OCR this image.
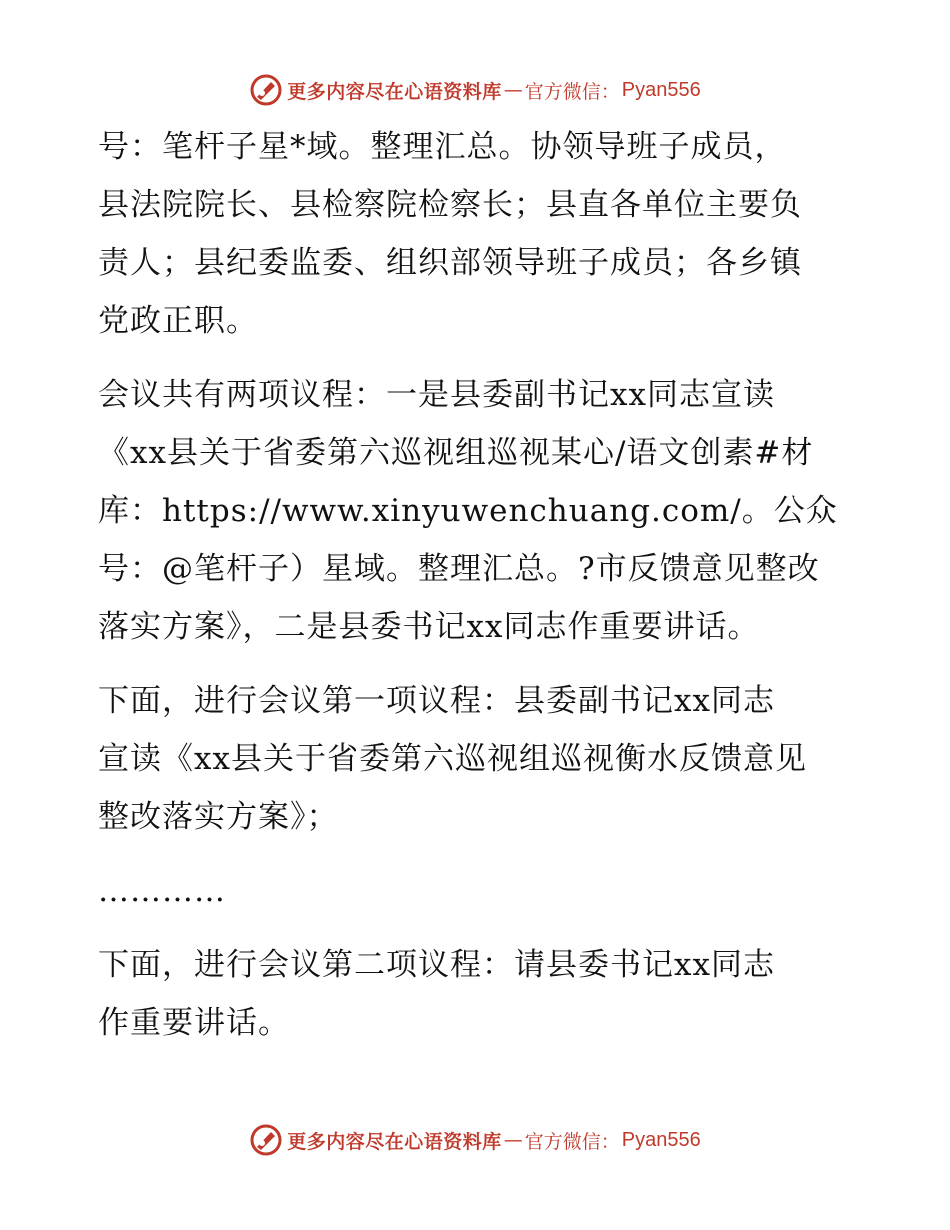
更多内容尽在心语资料库 — 官方微信： Pyan556

号：笔杆子星*域。整理汇总。协领导班子成员，
县法院院长、县检察院检察长；县直各单位主要负
责人；县纪委监委、组织部领导班子成员；各乡镇
党政正职。

会议共有两项议程：一是县委副书记xx同志宣读
《xx县关于省委第六巡视组巡视某心/语文创素#材
库：https://www.xinyuwenchuang.com/。公众
号：@笔杆子）星域。整理汇总。?市反馈意见整改
落实方案》，二是县委书记xx同志作重要讲话。

下面，进行会议第一项议程：县委副书记xx同志
宣读《xx县关于省委第六巡视组巡视衡水反馈意见
整改落实方案》；

…………

下面，进行会议第二项议程：请县委书记xx同志
作重要讲话。

更多内容尽在心语资料库 — 官方微信： Pyan556
